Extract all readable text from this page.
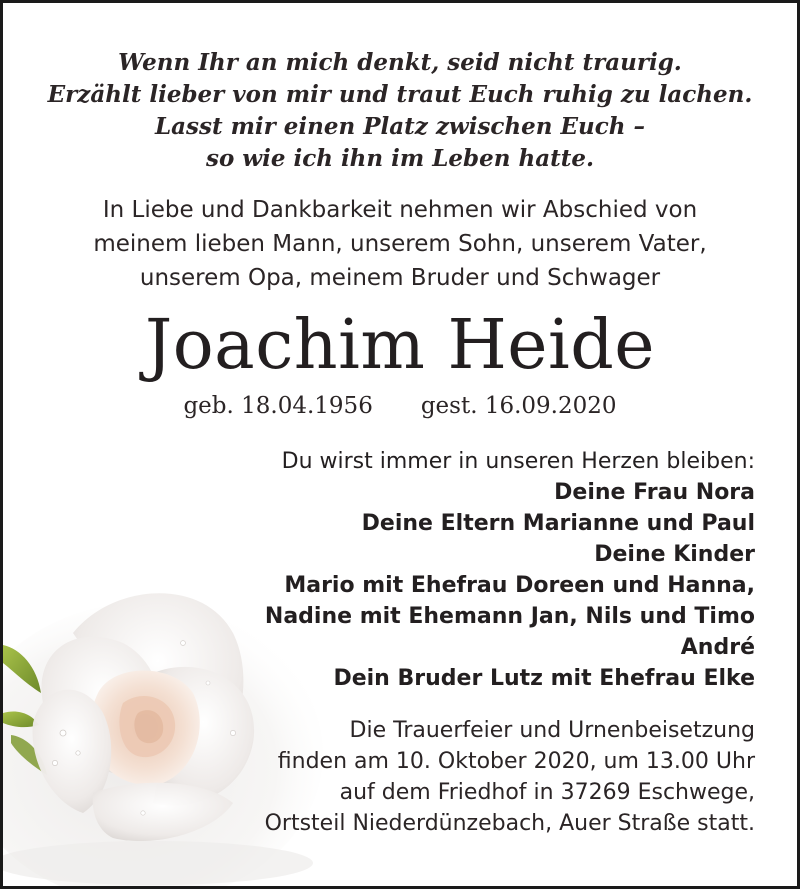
Wenn Ihr an mich denkt, seid nicht traurig.
Erzählt lieber von mir und traut Euch ruhig zu lachen.
Lasst mir einen Platz zwischen Euch –
so wie ich ihn im Leben hatte.
In Liebe und Dankbarkeit nehmen wir Abschied von
meinem lieben Mann, unserem Sohn, unserem Vater,
unserem Opa, meinem Bruder und Schwager
Joachim Heide
geb. 18.04.1956 gest. 16.09.2020
Du wirst immer in unseren Herzen bleiben:
Deine Frau Nora
Deine Eltern Marianne und Paul
Deine Kinder
Mario mit Ehefrau Doreen und Hanna,
Nadine mit Ehemann Jan, Nils und Timo
André
Dein Bruder Lutz mit Ehefrau Elke
Die Trauerfeier und Urnenbeisetzung
finden am 10. Oktober 2020, um 13.00 Uhr
auf dem Friedhof in 37269 Eschwege,
Ortsteil Niederdünzebach, Auer Straße statt.
